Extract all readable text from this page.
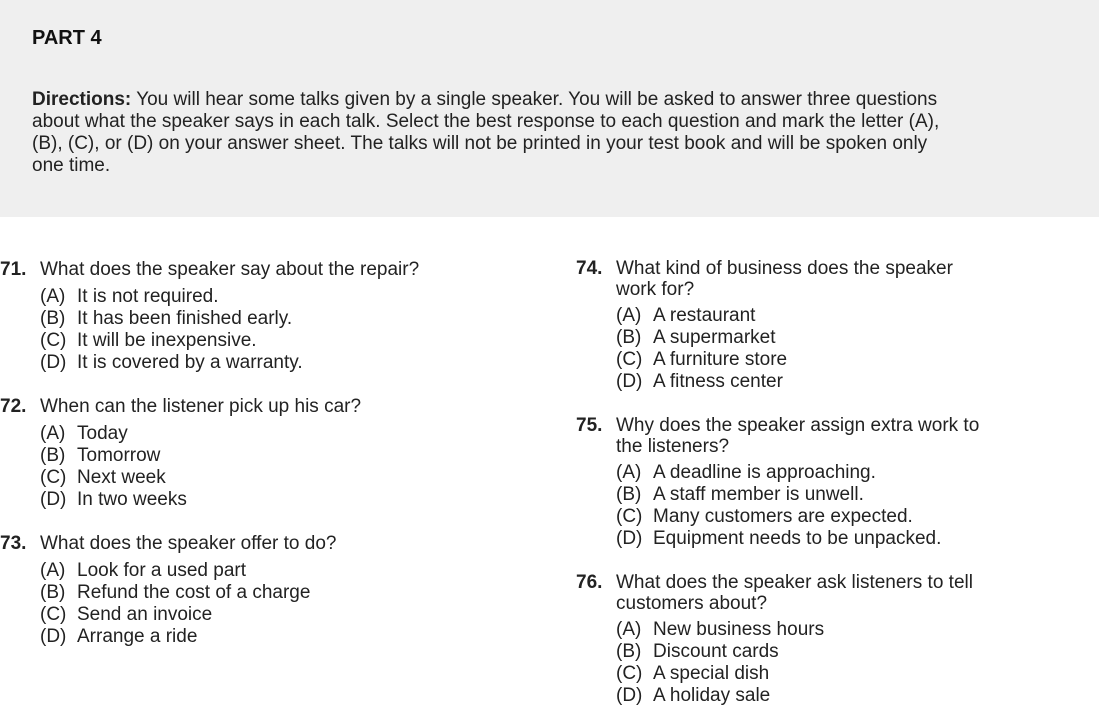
PART 4
Directions: You will hear some talks given by a single speaker. You will be asked to answer three questions about what the speaker says in each talk. Select the best response to each question and mark the letter (A), (B), (C), or (D) on your answer sheet. The talks will not be printed in your test book and will be spoken only one time.
71. What does the speaker say about the repair?
(A) It is not required.
(B) It has been finished early.
(C) It will be inexpensive.
(D) It is covered by a warranty.
72. When can the listener pick up his car?
(A) Today
(B) Tomorrow
(C) Next week
(D) In two weeks
73. What does the speaker offer to do?
(A) Look for a used part
(B) Refund the cost of a charge
(C) Send an invoice
(D) Arrange a ride
74. What kind of business does the speaker
work for?
(A) A restaurant
(B) A supermarket
(C) A furniture store
(D) A fitness center
75. Why does the speaker assign extra work to
the listeners?
(A) A deadline is approaching.
(B) A staff member is unwell.
(C) Many customers are expected.
(D) Equipment needs to be unpacked.
76. What does the speaker ask listeners to tell
customers about?
(A) New business hours
(B) Discount cards
(C) A special dish
(D) A holiday sale
